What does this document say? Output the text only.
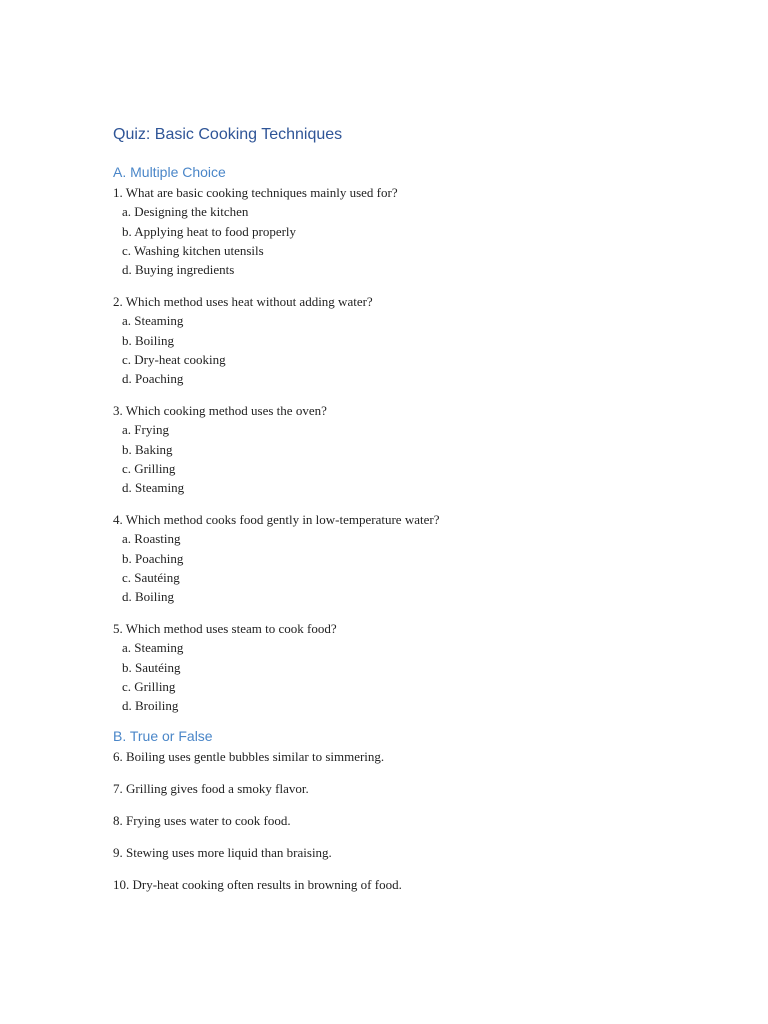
Quiz: Basic Cooking Techniques
A. Multiple Choice

1. What are basic cooking techniques mainly used for?

a. Designing the kitchen

b. Applying heat to food properly

c. Washing kitchen utensils

d. Buying ingredients

2. Which method uses heat without adding water?

a. Steaming

b. Boiling

c. Dry-heat cooking

d. Poaching

3. Which cooking method uses the oven?

a. Frying

b. Baking

c. Grilling

d. Steaming

4. Which method cooks food gently in low-temperature water?

a. Roasting

b. Poaching

c. Sautéing

d. Boiling

5. Which method uses steam to cook food?

a. Steaming

b. Sautéing

c. Grilling

d. Broiling

B. True or False

6. Boiling uses gentle bubbles similar to simmering.

7. Grilling gives food a smoky flavor.

8. Frying uses water to cook food.

9. Stewing uses more liquid than braising.

10. Dry-heat cooking often results in browning of food.
